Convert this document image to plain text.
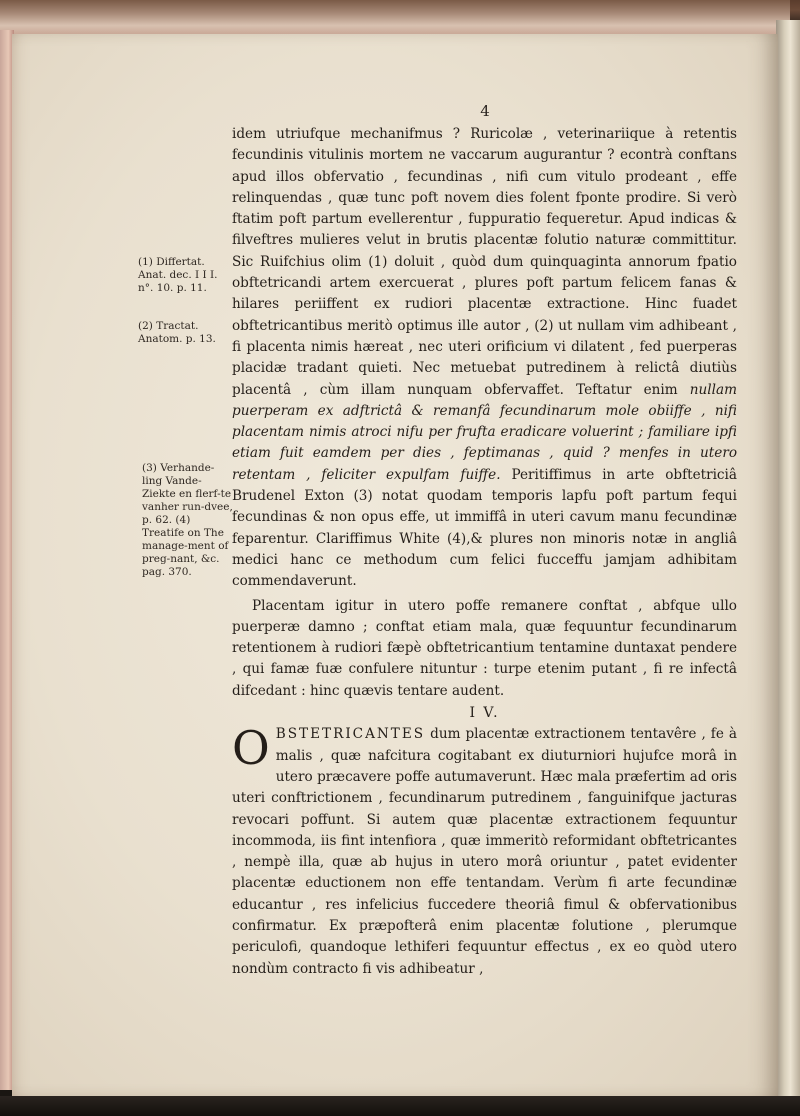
4
(1) Differtat. Anat. dec. I I I. n°. 10. p. 11.
(2) Tractat. Anatom. p. 13.
(3) Verhande-ling Vande-Ziekte en flerf-te vanher run-dvee, p. 62. (4) Treatife on The manage-ment of preg-nant, &c. pag. 370.

idem utriufque mechanifmus ? Ruricolæ , veterinariique à retentis fecundinis vitulinis mortem ne vaccarum augurantur ? econtrà conftans apud illos obfervatio , fecundinas , nifi cum vitulo prodeant , effe relinquendas , quæ tunc poft novem dies folent fponte prodire. Si verò ftatim poft partum evellerentur , fuppuratio fequeretur. Apud indicas & filveftres mulieres velut in brutis placentæ folutio naturæ committitur. Sic Ruifchius olim (1) doluit , quòd dum quinquaginta annorum fpatio obftetricandi artem exercuerat , plures poft partum felicem fanas & hilares periiffent ex rudiori placentæ extractione. Hinc fuadet obftetricantibus meritò optimus ille autor , (2) ut nullam vim adhibeant , fi placenta nimis hæreat , nec uteri orificium vi dilatent , fed puerperas placidæ tradant quieti. Nec metuebat putredinem à relictâ diutiùs placentâ , cùm illam nunquam obfervaffet. Teftatur enim nullam puerperam ex adftrictâ & remanfâ fecundinarum mole obiiffe , nifi placentam nimis atroci nifu per frufta eradicare voluerint ; familiare ipfi etiam fuit eamdem per dies , feptimanas , quid ? menfes in utero retentam , feliciter expulfam fuiffe. Peritiffimus in arte obftetriciâ Brudenel Exton (3) notat quodam temporis lapfu poft partum fequi fecundinas & non opus effe, ut immiffâ in uteri cavum manu fecundinæ feparentur. Clariffimus White (4),& plures non minoris notæ in angliâ medici hanc ce methodum cum felici fucceffu jamjam adhibitam commendaverunt.

Placentam igitur in utero poffe remanere conftat , abfque ullo puerperæ damno ; conftat etiam mala, quæ fequuntur fecundinarum retentionem à rudiori fæpè obftetricantium tentamine duntaxat pendere , qui famæ fuæ confulere nituntur : turpe etenim putant , fi re infectâ difcedant : hinc quævis tentare audent.

I V.

OBSTETRICANTES dum placentæ extractionem tentavêre , fe à malis , quæ nafcitura cogitabant ex diuturniori hujufce morâ in utero præcavere poffe autumaverunt. Hæc mala præfertim ad oris uteri conftrictionem , fecundinarum putredinem , fanguinifque jacturas revocari poffunt. Si autem quæ placentæ extractionem fequuntur incommoda, iis fint intenfiora , quæ immeritò reformidant obftetricantes , nempè illa, quæ ab hujus in utero morâ oriuntur , patet evidenter placentæ eductionem non effe tentandam. Verùm fi arte fecundinæ educantur , res infelicius fuccedere theoriâ fimul & obfervationibus confirmatur. Ex præpofterâ enim placentæ folutione , plerumque periculofi, quandoque lethiferi fequuntur effectus , ex eo quòd utero nondùm contracto fi vis adhibeatur ,
